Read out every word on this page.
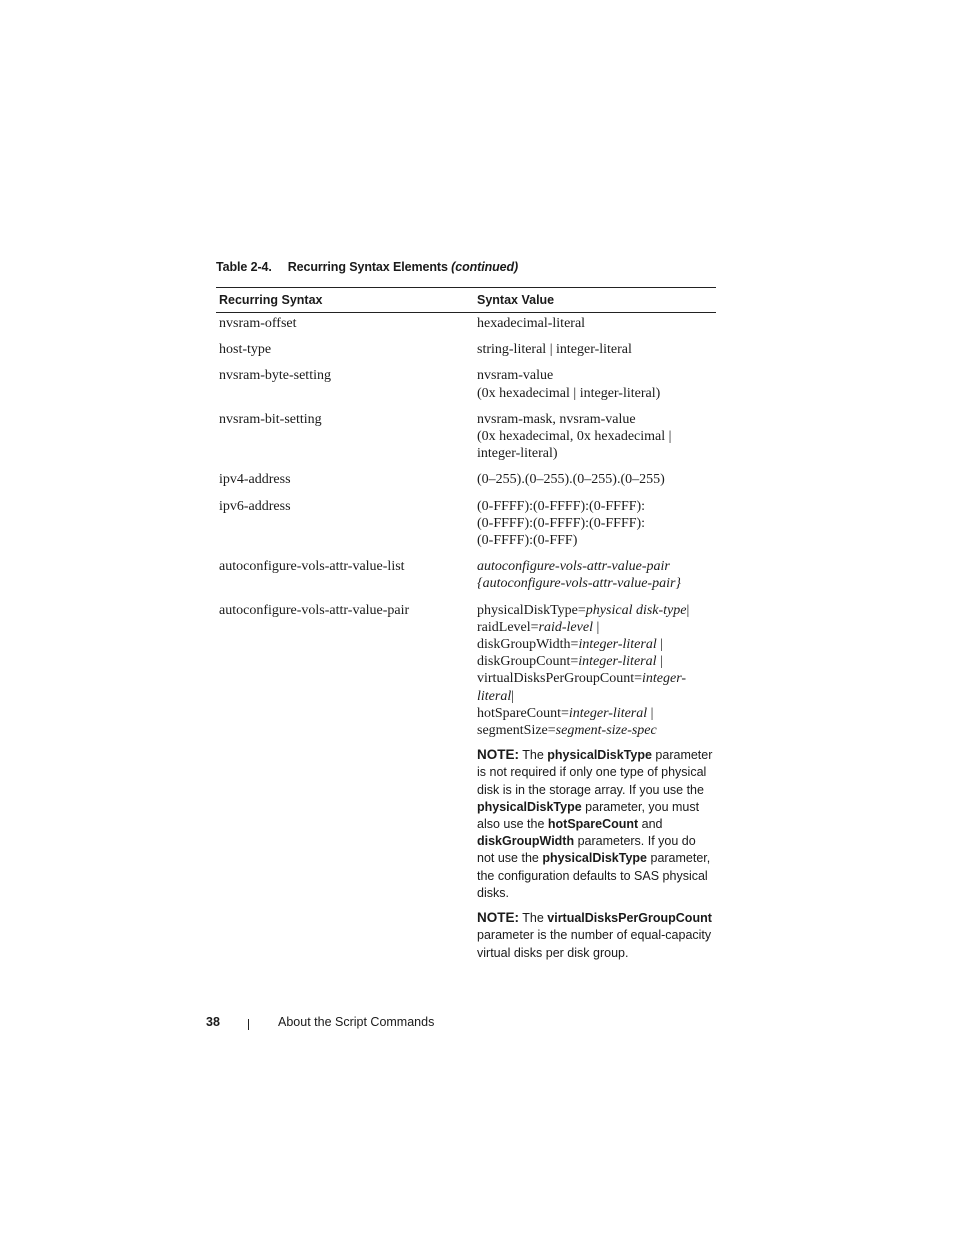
Table 2-4. Recurring Syntax Elements (continued)
Recurring Syntax	Syntax Value
nvsram-offset	hexadecimal-literal
host-type	string-literal | integer-literal
nvsram-byte-setting	nvsram-value
(0x hexadecimal | integer-literal)
nvsram-bit-setting	nvsram-mask, nvsram-value
(0x hexadecimal, 0x hexadecimal |
integer-literal)
ipv4-address	(0–255).(0–255).(0–255).(0–255)
ipv6-address	(0-FFFF):(0-FFFF):(0-FFFF):
(0-FFFF):(0-FFFF):(0-FFFF):
(0-FFFF):(0-FFF)
autoconfigure-vols-attr-value-list	autoconfigure-vols-attr-value-pair
{autoconfigure-vols-attr-value-pair}
autoconfigure-vols-attr-value-pair	physicalDiskType=physical disk-type|
raidLevel=raid-level |
diskGroupWidth=integer-literal |
diskGroupCount=integer-literal |
virtualDisksPerGroupCount=integer-
literal|
hotSpareCount=integer-literal |
segmentSize=segment-size-spec
NOTE: The physicalDiskType parameter is not required if only one type of physical disk is in the storage array. If you use the physicalDiskType parameter, you must also use the hotSpareCount and diskGroupWidth parameters. If you do not use the physicalDiskType parameter, the configuration defaults to SAS physical disks.
NOTE: The virtualDisksPerGroupCount parameter is the number of equal-capacity virtual disks per disk group.
38	About the Script Commands
